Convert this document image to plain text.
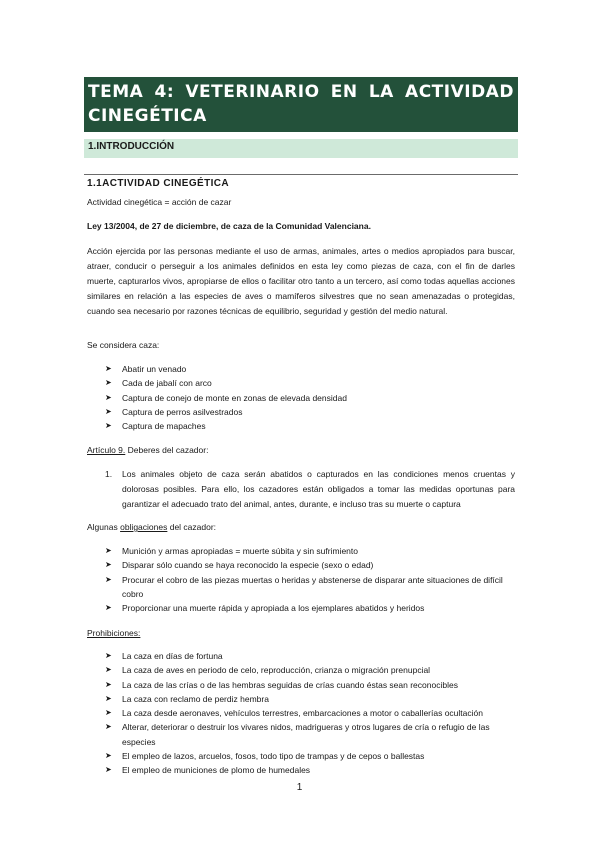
TEMA 4: VETERINARIO EN LA ACTIVIDAD
CINEGÉTICA
1.INTRODUCCIÓN
1.1ACTIVIDAD CINEGÉTICA
Actividad cinegética = acción de cazar
Ley 13/2004, de 27 de diciembre, de caza de la Comunidad Valenciana.
Acción ejercida por las personas mediante el uso de armas, animales, artes o medios apropiados para buscar, atraer, conducir o perseguir a los animales definidos en esta ley como piezas de caza, con el fin de darles muerte, capturarlos vivos, apropiarse de ellos o facilitar otro tanto a un tercero, así como todas aquellas acciones similares en relación a las especies de aves o mamíferos silvestres que no sean amenazadas o protegidas, cuando sea necesario por razones técnicas de equilibrio, seguridad y gestión del medio natural.
Se considera caza:
➤ Abatir un venado
➤ Cada de jabalí con arco
➤ Captura de conejo de monte en zonas de elevada densidad
➤ Captura de perros asilvestrados
➤ Captura de mapaches
Artículo 9. Deberes del cazador:
1. Los animales objeto de caza serán abatidos o capturados en las condiciones menos cruentas y dolorosas posibles. Para ello, los cazadores están obligados a tomar las medidas oportunas para garantizar el adecuado trato del animal, antes, durante, e incluso tras su muerte o captura
Algunas obligaciones del cazador:
➤ Munición y armas apropiadas = muerte súbita y sin sufrimiento
➤ Disparar sólo cuando se haya reconocido la especie (sexo o edad)
➤ Procurar el cobro de las piezas muertas o heridas y abstenerse de disparar ante situaciones de difícil cobro
➤ Proporcionar una muerte rápida y apropiada a los ejemplares abatidos y heridos
Prohibiciones:
➤ La caza en días de fortuna
➤ La caza de aves en periodo de celo, reproducción, crianza o migración prenupcial
➤ La caza de las crías o de las hembras seguidas de crías cuando éstas sean reconocibles
➤ La caza con reclamo de perdiz hembra
➤ La caza desde aeronaves, vehículos terrestres, embarcaciones a motor o caballerías ocultación
➤ Alterar, deteriorar o destruir los vivares nidos, madrigueras y otros lugares de cría o refugio de las especies
➤ El empleo de lazos, arcuelos, fosos, todo tipo de trampas y de cepos o ballestas
➤ El empleo de municiones de plomo de humedales
1
